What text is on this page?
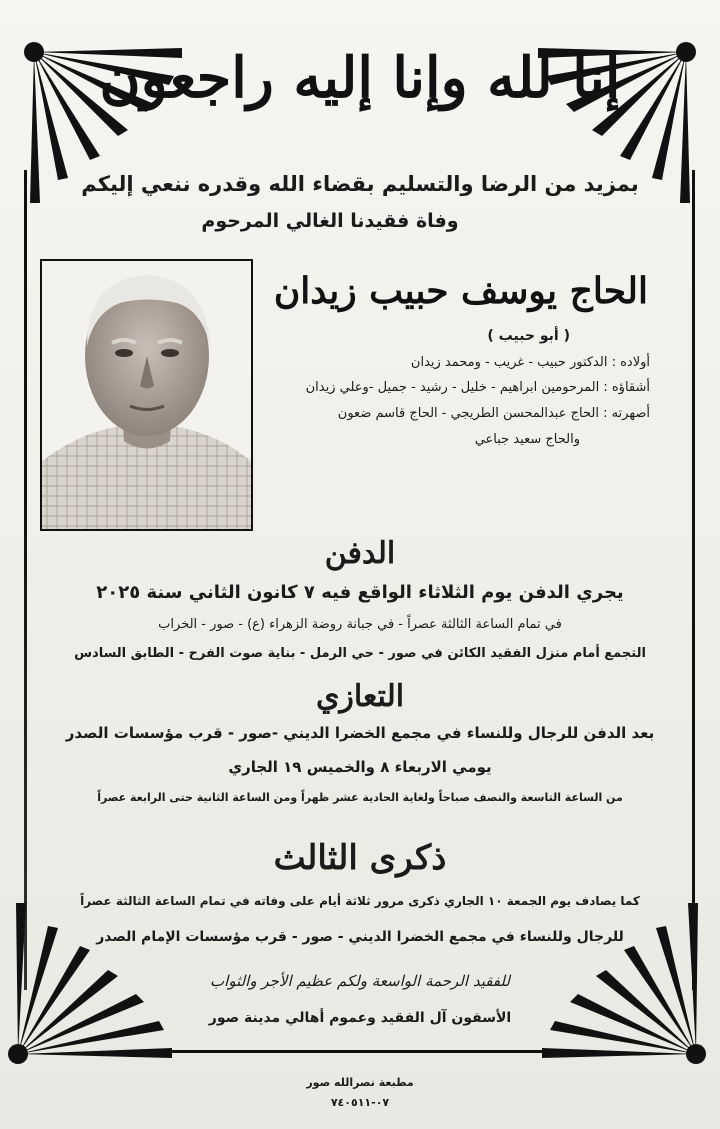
إنا لله وإنا إليه راجعون
بمزيد من الرضا والتسليم بقضاء الله وقدره ننعي إليكم
وفاة فقيدنا الغالي المرحوم
الحاج يوسف حبيب زيدان
( أبو حبيب )
أولاده : الدكتور حبيب - غريب - ومحمد زيدان
أشقاؤه : المرحومين ابراهيم - خليل - رشيد - جميل -وعلي زيدان
أصهرته : الحاج عبدالمحسن الطريجي - الحاج قاسم ضعون
والحاج سعيد جباعي
الدفن
يجري الدفن يوم الثلاثاء الواقع فيه ٧ كانون الثاني سنة ٢٠٢٥
في تمام الساعة الثالثة عصراً - في جبانة روضة الزهراء (ع) - صور - الخراب
التجمع أمام منزل الفقيد الكائن في صور - حي الرمل - بناية صوت الفرح - الطابق السادس
التعازي
بعد الدفن للرجال وللنساء في مجمع الخضرا الديني -صور - قرب مؤسسات الصدر
يومي الاربعاء ٨ والخميس ١٩ الجاري
من الساعة التاسعة والنصف صباحاً ولغاية الحادية عشر ظهراً ومن الساعة الثانية حتى الرابعة عصراً
ذكرى الثالث
كما يصادف يوم الجمعة ١٠ الجاري ذكرى مرور ثلاثة أيام على وفاته في تمام الساعة الثالثة عصراً
للرجال وللنساء في مجمع الخضرا الديني - صور - قرب مؤسسات الإمام الصدر
للفقيد الرحمة الواسعة ولكم عظيم الأجر والثواب
الأسفون آل الفقيد وعموم أهالي مدينة صور
مطبعة نصرالله صور
٠٧-٧٤٠٥١١
